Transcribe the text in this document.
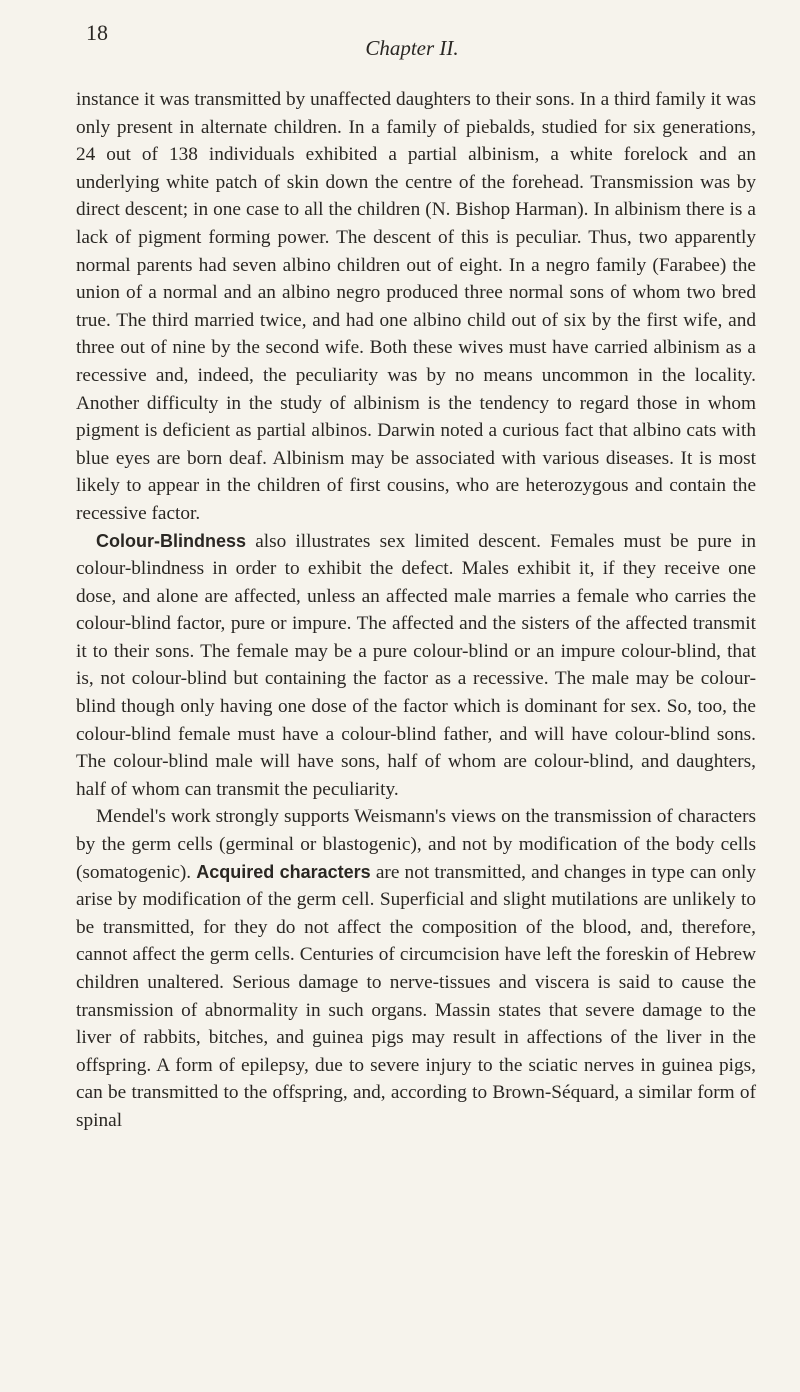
18
Chapter II.

instance it was transmitted by unaffected daughters to their sons. In a third family it was only present in alternate children. In a family of piebalds, studied for six generations, 24 out of 138 individuals exhibited a partial albinism, a white forelock and an underlying white patch of skin down the centre of the forehead. Transmission was by direct descent; in one case to all the children (N. Bishop Harman). In albinism there is a lack of pigment forming power. The descent of this is peculiar. Thus, two apparently normal parents had seven albino children out of eight. In a negro family (Farabee) the union of a normal and an albino negro produced three normal sons of whom two bred true. The third married twice, and had one albino child out of six by the first wife, and three out of nine by the second wife. Both these wives must have carried albinism as a recessive and, indeed, the peculiarity was by no means uncommon in the locality. Another difficulty in the study of albinism is the tendency to regard those in whom pigment is deficient as partial albinos. Darwin noted a curious fact that albino cats with blue eyes are born deaf. Albinism may be associated with various diseases. It is most likely to appear in the children of first cousins, who are heterozygous and contain the recessive factor.

Colour-Blindness also illustrates sex limited descent. Females must be pure in colour-blindness in order to exhibit the defect. Males exhibit it, if they receive one dose, and alone are affected, unless an affected male marries a female who carries the colour-blind factor, pure or impure. The affected and the sisters of the affected transmit it to their sons. The female may be a pure colour-blind or an impure colour-blind, that is, not colour-blind but containing the factor as a recessive. The male may be colour-blind though only having one dose of the factor which is dominant for sex. So, too, the colour-blind female must have a colour-blind father, and will have colour-blind sons. The colour-blind male will have sons, half of whom are colour-blind, and daughters, half of whom can transmit the peculiarity.

Mendel's work strongly supports Weismann's views on the transmission of characters by the germ cells (germinal or blastogenic), and not by modification of the body cells (somatogenic). Acquired characters are not transmitted, and changes in type can only arise by modification of the germ cell. Superficial and slight mutilations are unlikely to be transmitted, for they do not affect the composition of the blood, and, therefore, cannot affect the germ cells. Centuries of circumcision have left the foreskin of Hebrew children unaltered. Serious damage to nerve-tissues and viscera is said to cause the transmission of abnormality in such organs. Massin states that severe damage to the liver of rabbits, bitches, and guinea pigs may result in affections of the liver in the offspring. A form of epilepsy, due to severe injury to the sciatic nerves in guinea pigs, can be transmitted to the offspring, and, according to Brown-Séquard, a similar form of spinal
